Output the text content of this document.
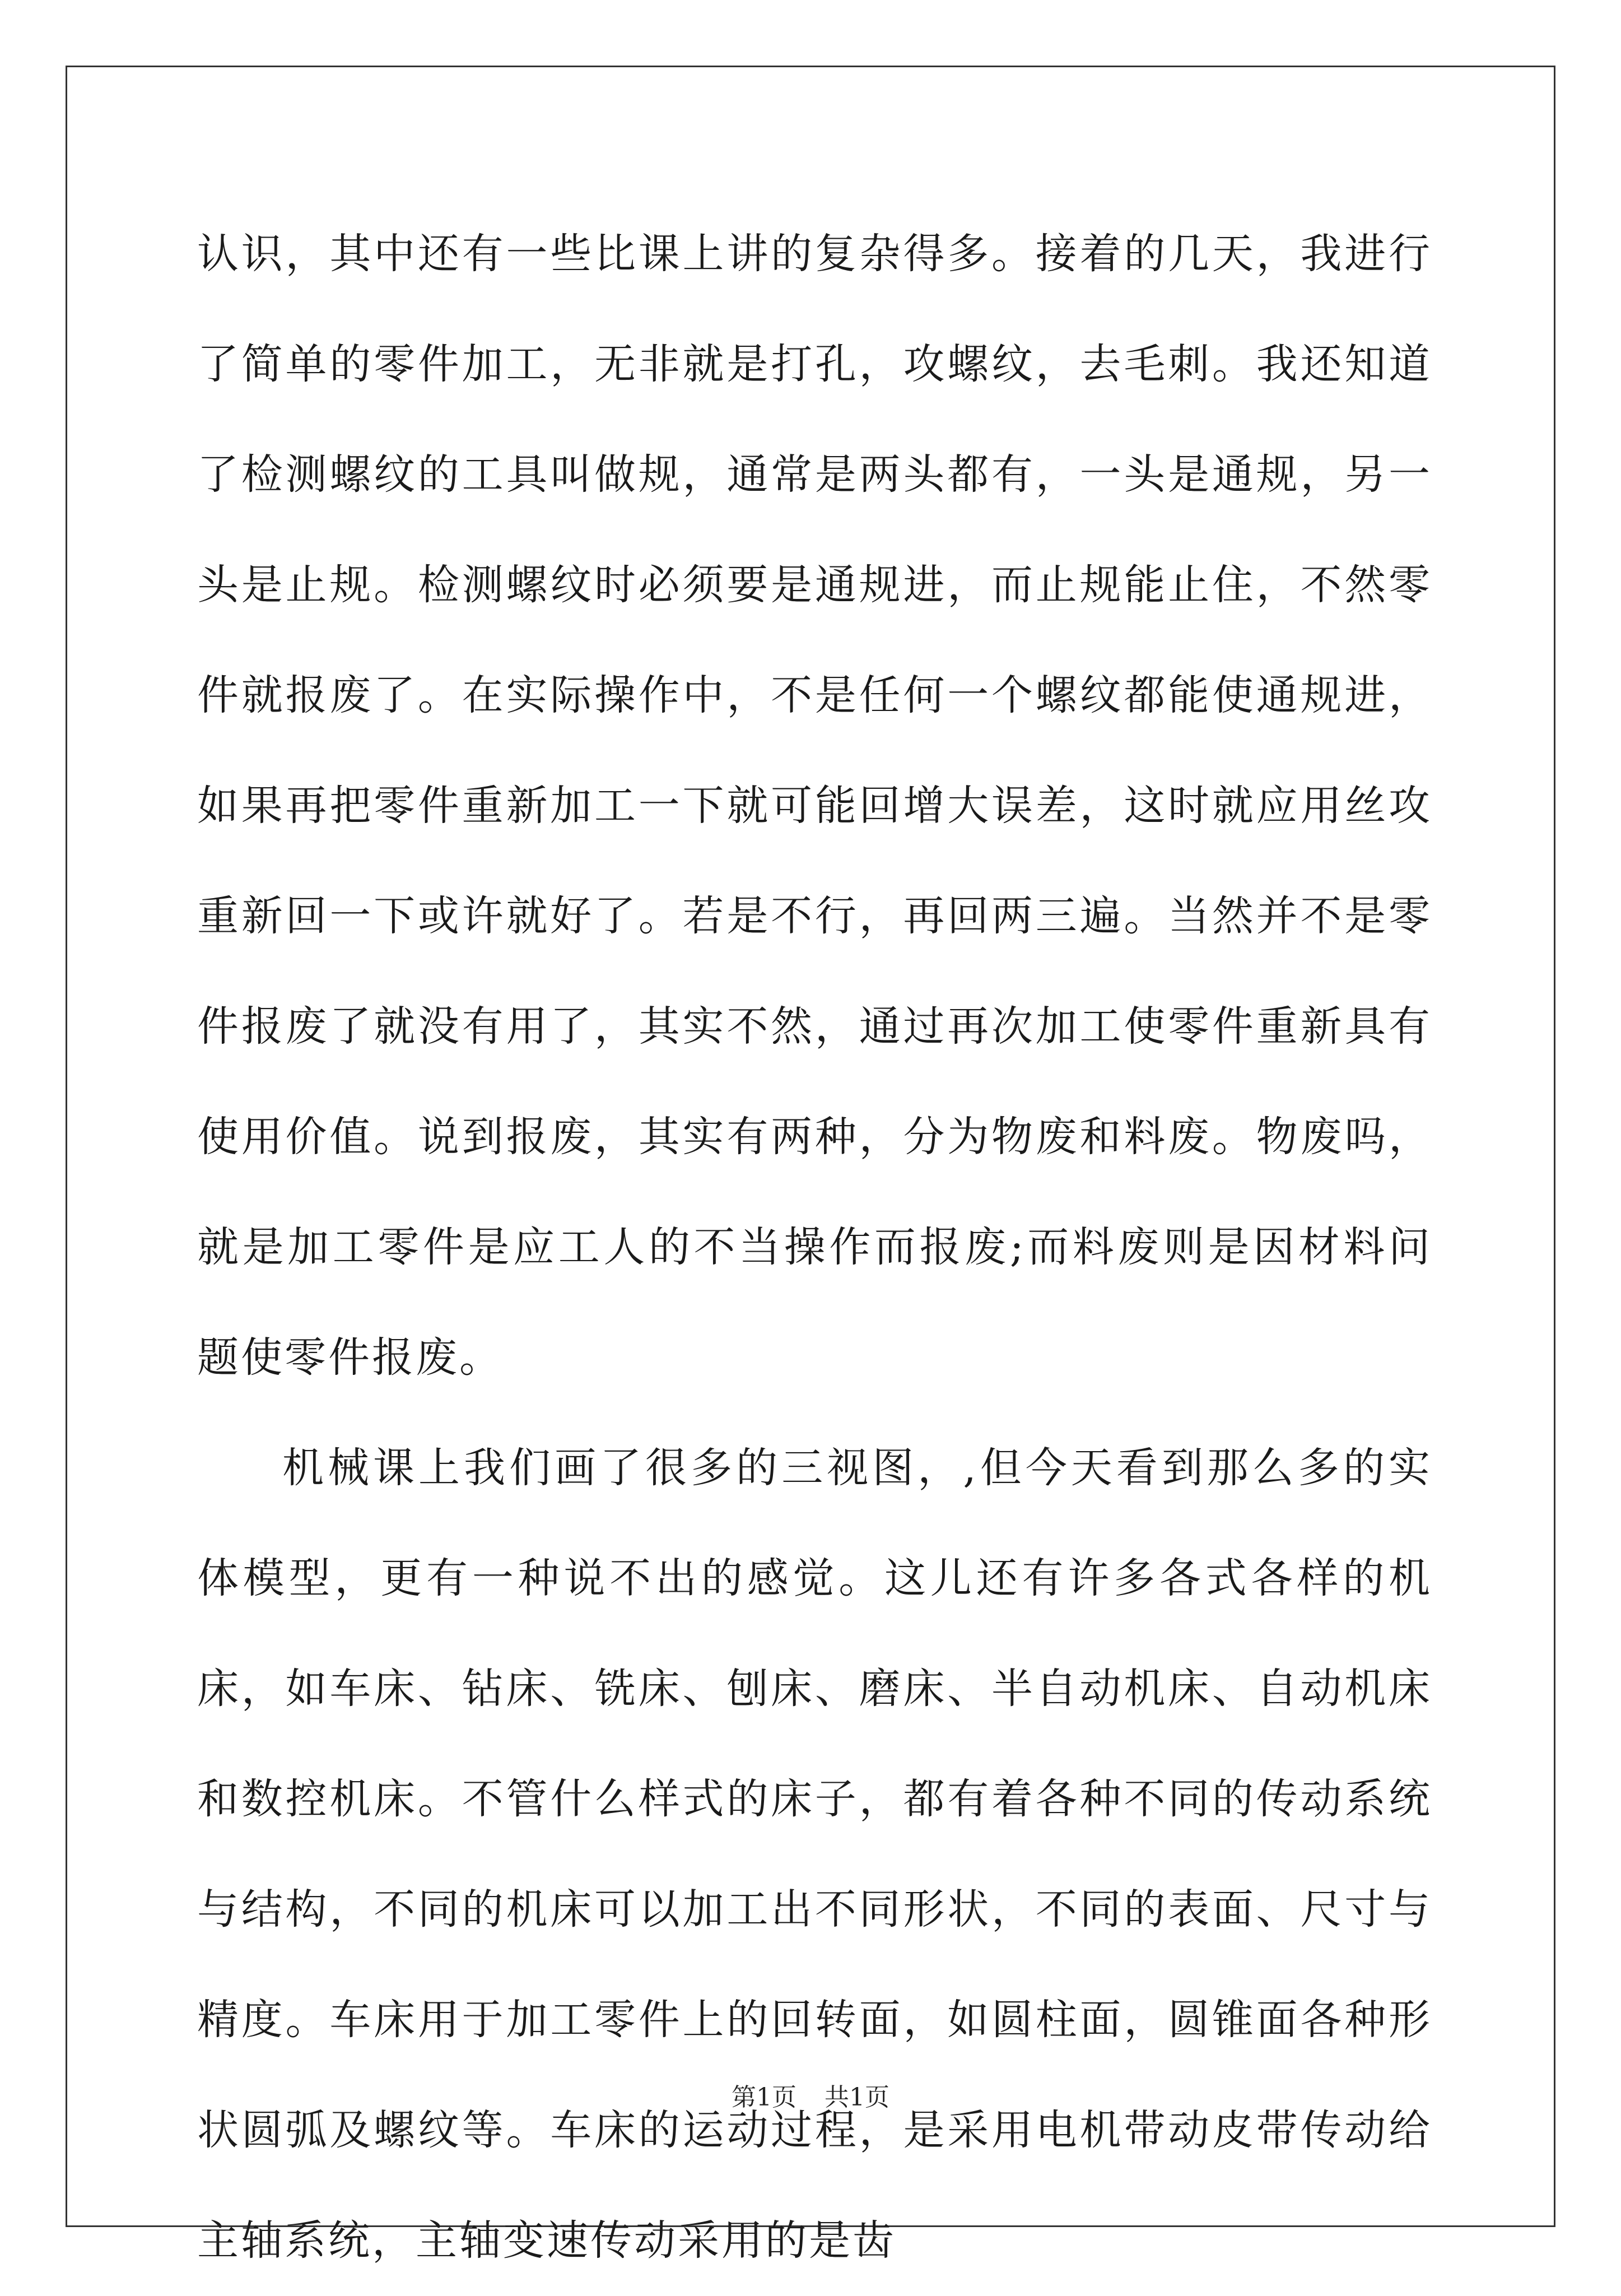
认识，其中还有一些比课上讲的复杂得多。接着的几天，我进行了简单的零件加工，无非就是打孔，攻螺纹，去毛刺。我还知道了检测螺纹的工具叫做规，通常是两头都有，一头是通规，另一头是止规。检测螺纹时必须要是通规进，而止规能止住，不然零件就报废了。在实际操作中，不是任何一个螺纹都能使通规进，如果再把零件重新加工一下就可能回增大误差，这时就应用丝攻重新回一下或许就好了。若是不行，再回两三遍。当然并不是零件报废了就没有用了，其实不然，通过再次加工使零件重新具有使用价值。说到报废，其实有两种，分为物废和料废。物废吗，就是加工零件是应工人的不当操作而报废;而料废则是因材料问题使零件报废。

机械课上我们画了很多的三视图，,但今天看到那么多的实体模型，更有一种说不出的感觉。这儿还有许多各式各样的机床，如车床、钻床、铣床、刨床、磨床、半自动机床、自动机床和数控机床。不管什么样式的床子，都有着各种不同的传动系统与结构，不同的机床可以加工出不同形状，不同的表面、尺寸与精度。车床用于加工零件上的回转面，如圆柱面，圆锥面各种形状圆弧及螺纹等。车床的运动过程，是采用电机带动皮带传动给主轴系统，主轴变速传动采用的是齿

第1页 共1页
